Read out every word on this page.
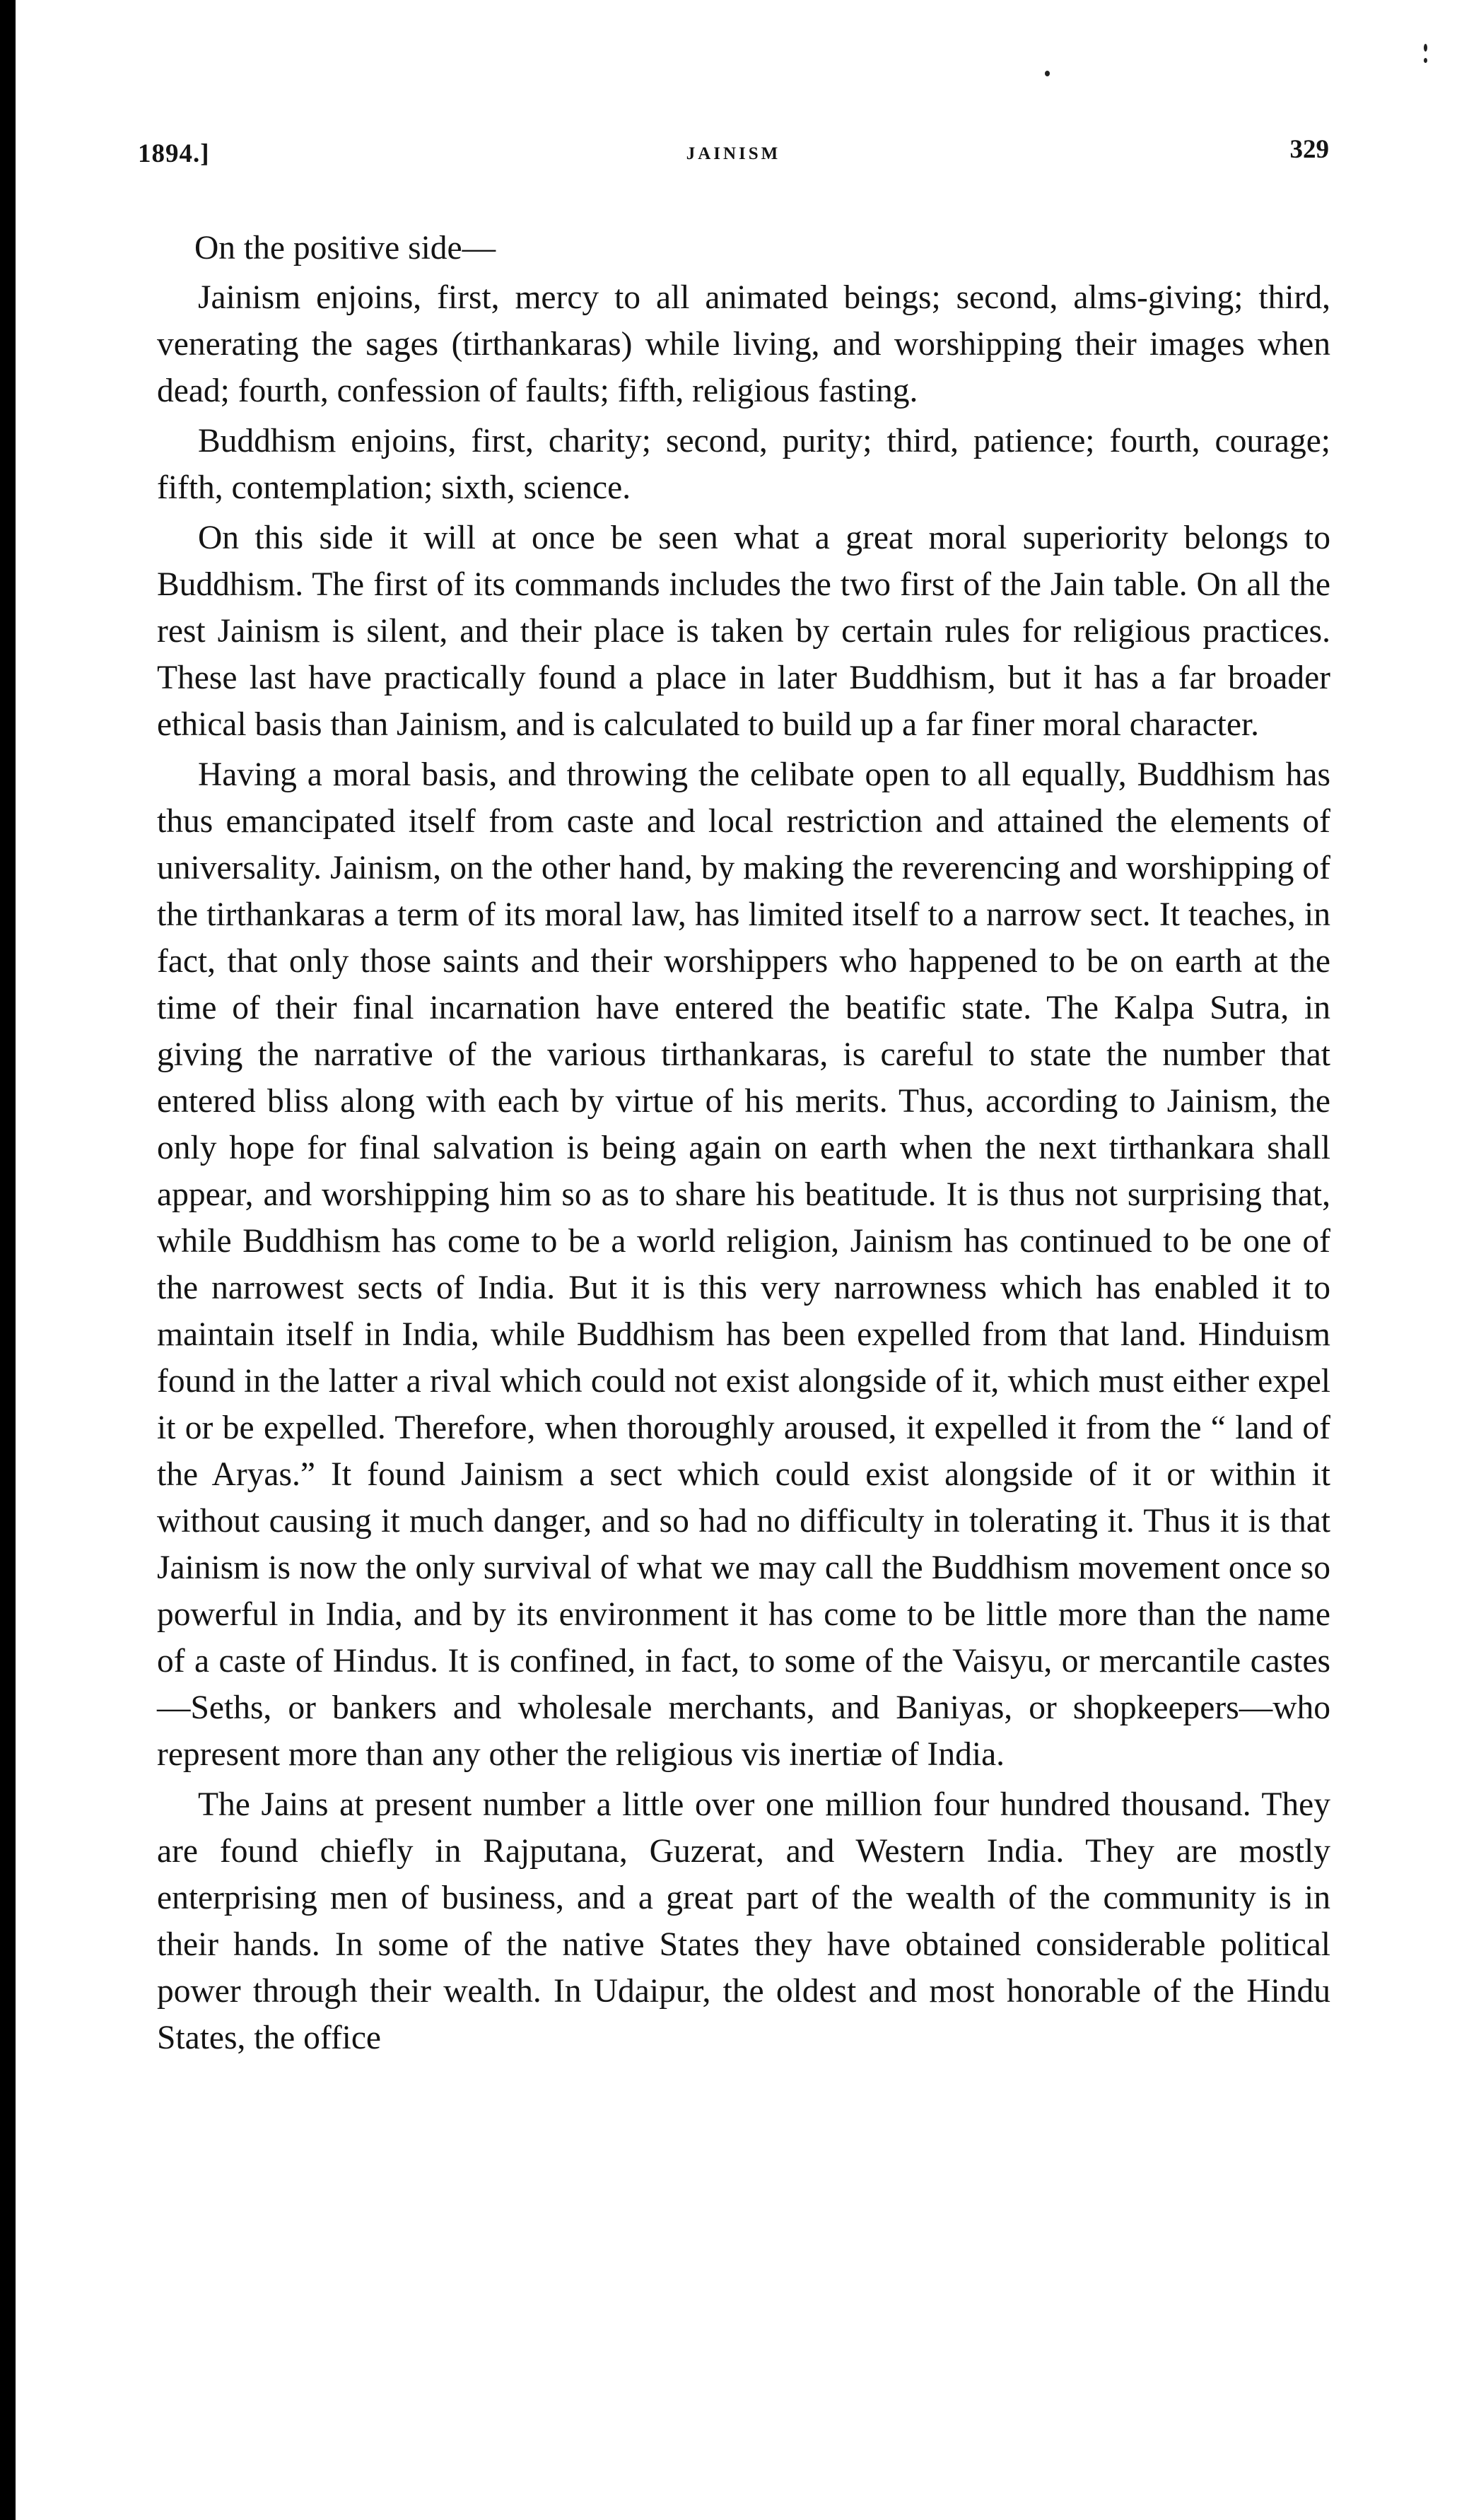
1894.]	JAINISM	329

On the positive side—

Jainism enjoins, first, mercy to all animated beings; second, alms-giving; third, venerating the sages (tirthankaras) while living, and worshipping their images when dead; fourth, confession of faults; fifth, religious fasting.

Buddhism enjoins, first, charity; second, purity; third, patience; fourth, courage; fifth, contemplation; sixth, science.

On this side it will at once be seen what a great moral superiority belongs to Buddhism. The first of its commands includes the two first of the Jain table. On all the rest Jainism is silent, and their place is taken by certain rules for religious practices. These last have practically found a place in later Buddhism, but it has a far broader ethical basis than Jainism, and is calculated to build up a far finer moral character.

Having a moral basis, and throwing the celibate open to all equally, Buddhism has thus emancipated itself from caste and local restriction and attained the elements of universality. Jainism, on the other hand, by making the reverencing and worshipping of the tirthankaras a term of its moral law, has limited itself to a narrow sect. It teaches, in fact, that only those saints and their worshippers who happened to be on earth at the time of their final incarnation have entered the beatific state. The Kalpa Sutra, in giving the narrative of the various tirthankaras, is careful to state the number that entered bliss along with each by virtue of his merits. Thus, according to Jainism, the only hope for final salvation is being again on earth when the next tirthankara shall appear, and worshipping him so as to share his beatitude. It is thus not surprising that, while Buddhism has come to be a world religion, Jainism has continued to be one of the narrowest sects of India. But it is this very narrowness which has enabled it to maintain itself in India, while Buddhism has been expelled from that land. Hinduism found in the latter a rival which could not exist alongside of it, which must either expel it or be expelled. Therefore, when thoroughly aroused, it expelled it from the “ land of the Aryas.” It found Jainism a sect which could exist alongside of it or within it without causing it much danger, and so had no difficulty in tolerating it. Thus it is that Jainism is now the only survival of what we may call the Buddhism movement once so powerful in India, and by its environment it has come to be little more than the name of a caste of Hindus. It is confined, in fact, to some of the Vaisyu, or mercantile castes—Seths, or bankers and wholesale merchants, and Baniyas, or shopkeepers—who represent more than any other the religious vis inertiæ of India.

The Jains at present number a little over one million four hundred thousand. They are found chiefly in Rajputana, Guzerat, and Western India. They are mostly enterprising men of business, and a great part of the wealth of the community is in their hands. In some of the native States they have obtained considerable political power through their wealth. In Udaipur, the oldest and most honorable of the Hindu States, the office
